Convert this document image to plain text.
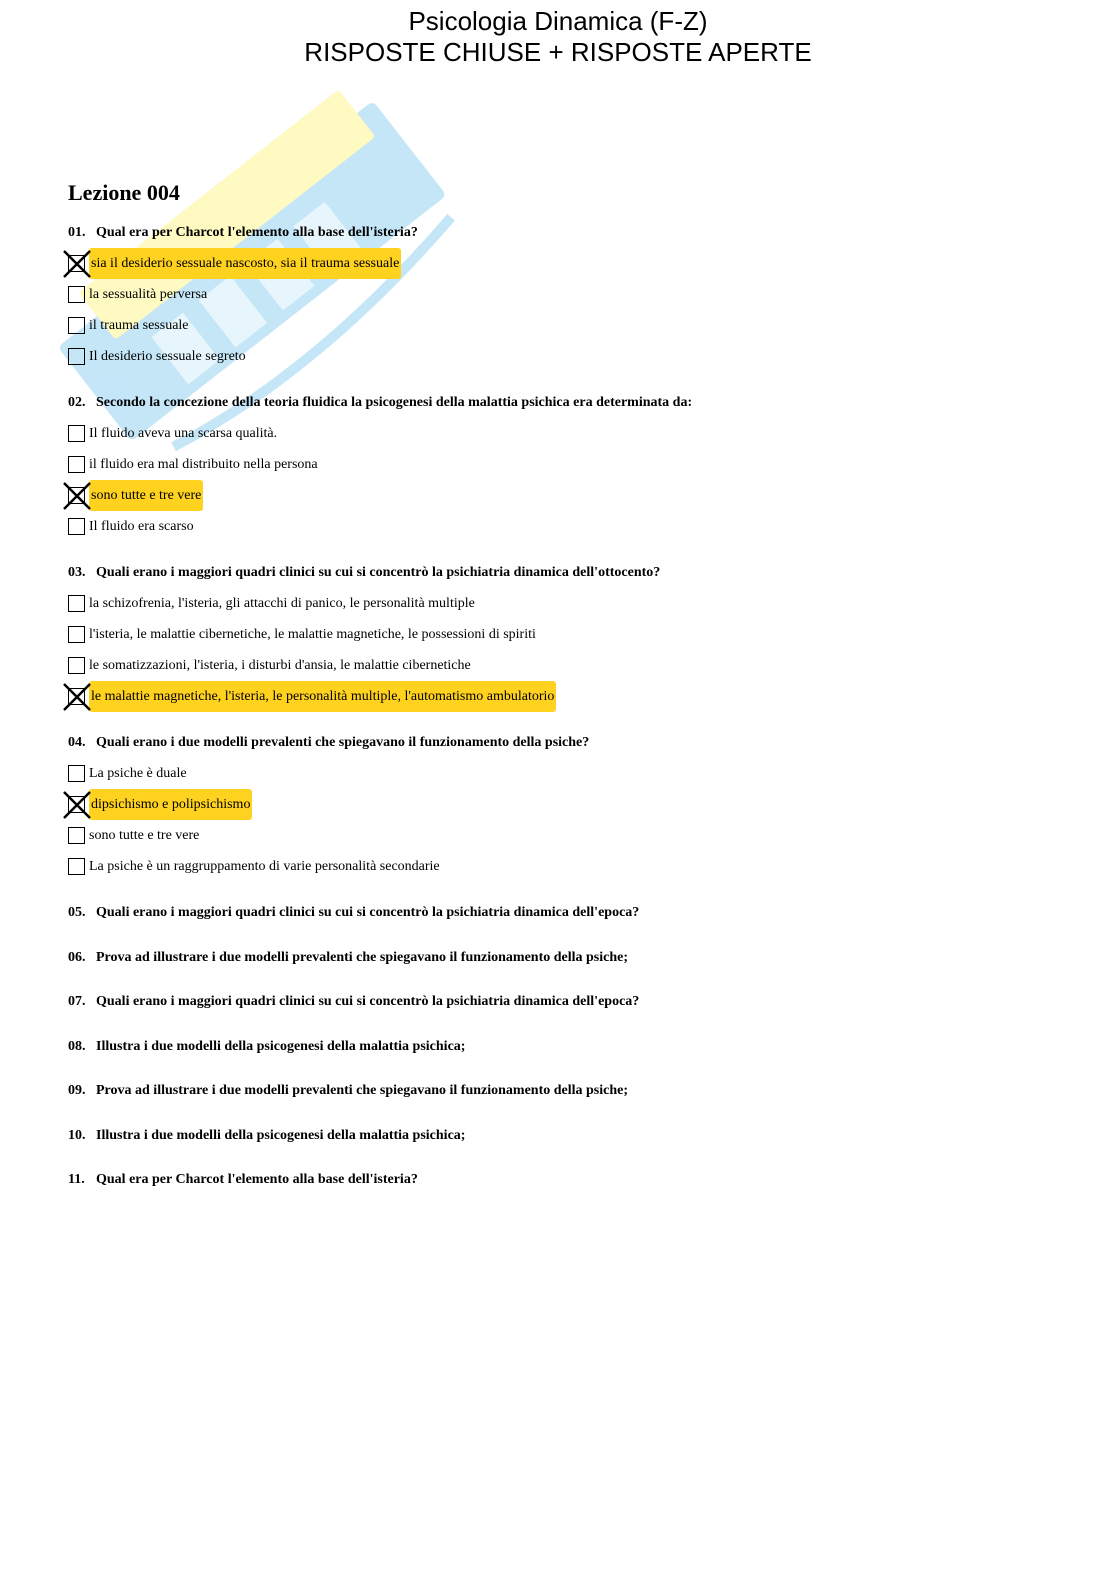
Psicologia Dinamica (F-Z)
RISPOSTE CHIUSE + RISPOSTE APERTE
Lezione 004
01. Qual era per Charcot l'elemento alla base dell'isteria?
sia il desiderio sessuale nascosto, sia il trauma sessuale
la sessualità perversa
il trauma sessuale
Il desiderio sessuale segreto
02. Secondo la concezione della teoria fluidica la psicogenesi della malattia psichica era determinata da:
Il fluido aveva una scarsa qualità.
il fluido era mal distribuito nella persona
sono tutte e tre vere
Il fluido era scarso
03. Quali erano i maggiori quadri clinici su cui si concentrò la psichiatria dinamica dell'ottocento?
la schizofrenia, l'isteria, gli attacchi di panico, le personalità multiple
l'isteria, le malattie cibernetiche, le malattie magnetiche, le possessioni di spiriti
le somatizzazioni, l'isteria, i disturbi d'ansia, le malattie cibernetiche
le malattie magnetiche, l'isteria, le personalità multiple, l'automatismo ambulatorio
04. Quali erano i due modelli prevalenti che spiegavano il funzionamento della psiche?
La psiche è duale
dipsichismo e polipsichismo
sono tutte e tre vere
La psiche è un raggruppamento di varie personalità secondarie
05. Quali erano i maggiori quadri clinici su cui si concentrò la psichiatria dinamica dell'epoca?
06. Prova ad illustrare i due modelli prevalenti che spiegavano il funzionamento della psiche;
07. Quali erano i maggiori quadri clinici su cui si concentrò la psichiatria dinamica dell'epoca?
08. Illustra i due modelli della psicogenesi della malattia psichica;
09. Prova ad illustrare i due modelli prevalenti che spiegavano il funzionamento della psiche;
10. Illustra i due modelli della psicogenesi della malattia psichica;
11. Qual era per Charcot l'elemento alla base dell'isteria?
